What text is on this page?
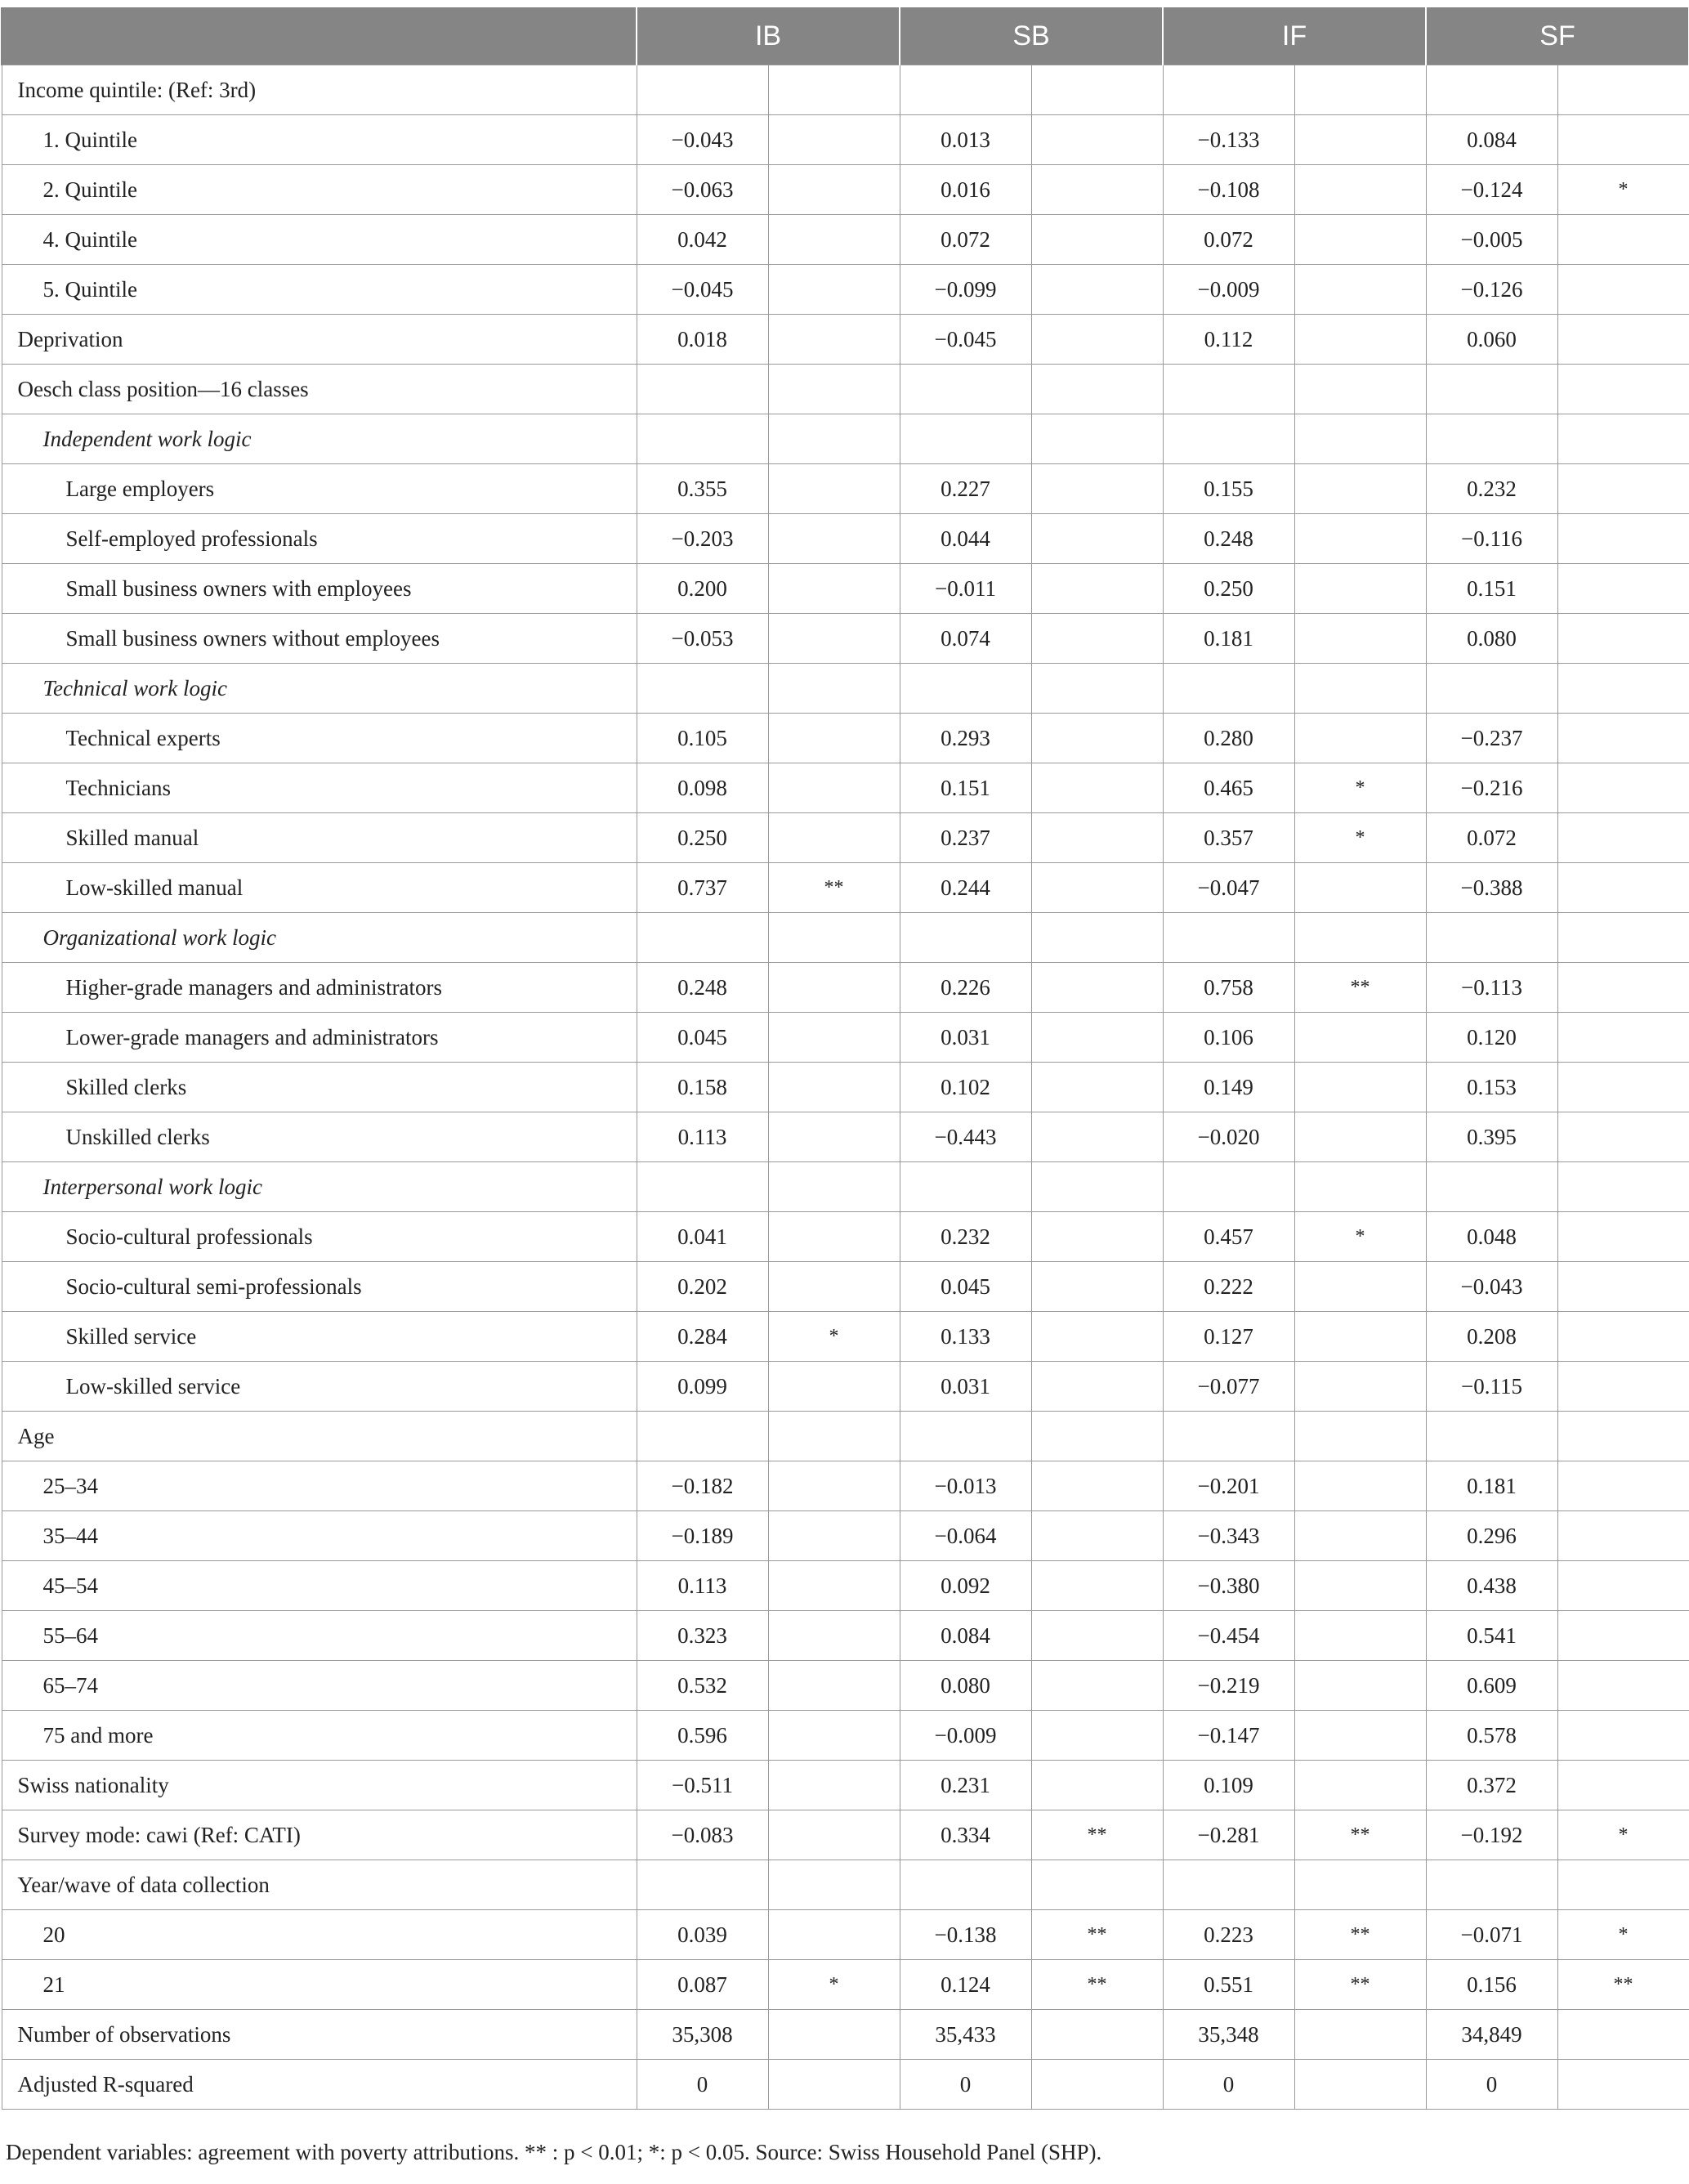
	IB		SB		IF		SF	
Income quintile: (Ref: 3rd)								
1. Quintile	−0.043		0.013		−0.133		0.084	
2. Quintile	−0.063		0.016		−0.108		−0.124	*
4. Quintile	0.042		0.072		0.072		−0.005	
5. Quintile	−0.045		−0.099		−0.009		−0.126	
Deprivation	0.018		−0.045		0.112		0.060	
Oesch class position—16 classes								
Independent work logic								
Large employers	0.355		0.227		0.155		0.232	
Self-employed professionals	−0.203		0.044		0.248		−0.116	
Small business owners with employees	0.200		−0.011		0.250		0.151	
Small business owners without employees	−0.053		0.074		0.181		0.080	
Technical work logic								
Technical experts	0.105		0.293		0.280		−0.237	
Technicians	0.098		0.151		0.465	*	−0.216	
Skilled manual	0.250		0.237		0.357	*	0.072	
Low-skilled manual	0.737	**	0.244		−0.047		−0.388	
Organizational work logic								
Higher-grade managers and administrators	0.248		0.226		0.758	**	−0.113	
Lower-grade managers and administrators	0.045		0.031		0.106		0.120	
Skilled clerks	0.158		0.102		0.149		0.153	
Unskilled clerks	0.113		−0.443		−0.020		0.395	
Interpersonal work logic								
Socio-cultural professionals	0.041		0.232		0.457	*	0.048	
Socio-cultural semi-professionals	0.202		0.045		0.222		−0.043	
Skilled service	0.284	*	0.133		0.127		0.208	
Low-skilled service	0.099		0.031		−0.077		−0.115	
Age								
25–34	−0.182		−0.013		−0.201		0.181	
35–44	−0.189		−0.064		−0.343		0.296	
45–54	0.113		0.092		−0.380		0.438	
55–64	0.323		0.084		−0.454		0.541	
65–74	0.532		0.080		−0.219		0.609	
75 and more	0.596		−0.009		−0.147		0.578	
Swiss nationality	−0.511		0.231		0.109		0.372	
Survey mode: cawi (Ref: CATI)	−0.083		0.334	**	−0.281	**	−0.192	*
Year/wave of data collection								
20	0.039		−0.138	**	0.223	**	−0.071	*
21	0.087	*	0.124	**	0.551	**	0.156	**
Number of observations	35,308		35,433		35,348		34,849	
Adjusted R-squared	0		0		0		0	
Dependent variables: agreement with poverty attributions. ** : p < 0.01; *: p < 0.05. Source: Swiss Household Panel (SHP).
